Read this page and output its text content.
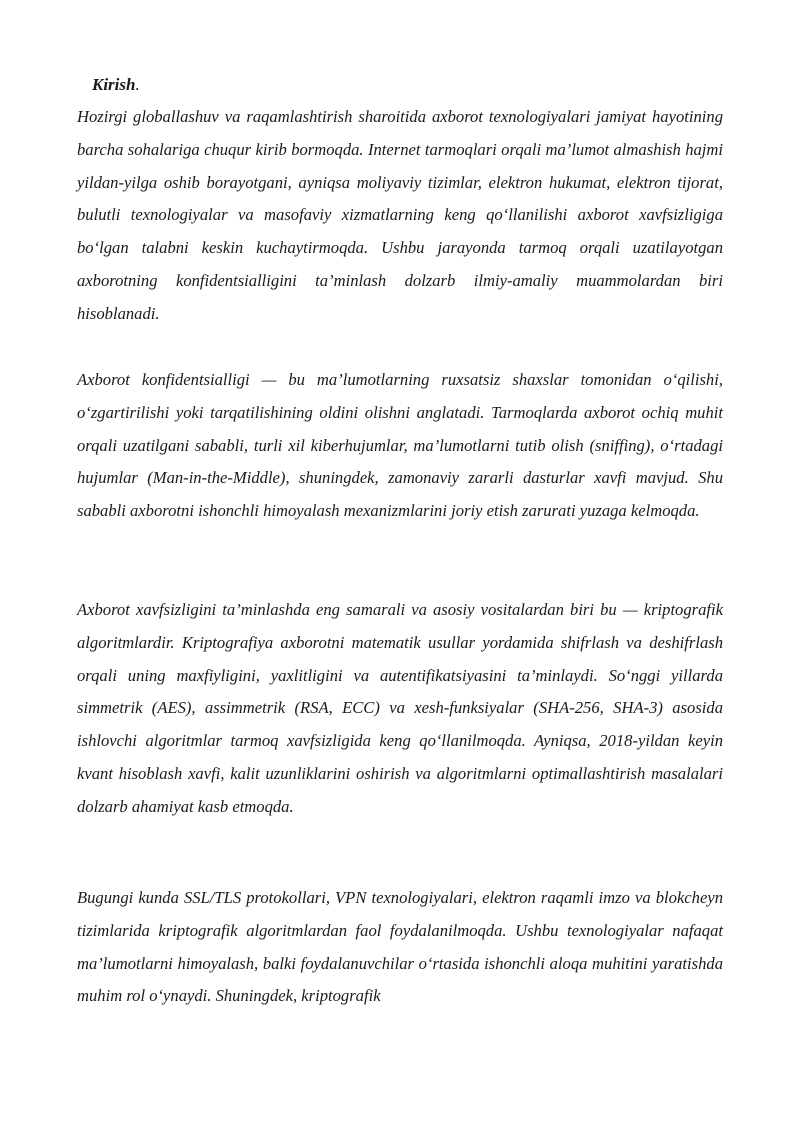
Kirish.

Hozirgi globallashuv va raqamlashtirish sharoitida axborot texnologiyalari jamiyat hayotining barcha sohalariga chuqur kirib bormoqda. Internet tarmoqlari orqali ma’lumot almashish hajmi yildan-yilga oshib borayotgani, ayniqsa moliyaviy tizimlar, elektron hukumat, elektron tijorat, bulutli texnologiyalar va masofaviy xizmatlarning keng qo‘llanilishi axborot xavfsizligiga bo‘lgan talabni keskin kuchaytirmoqda. Ushbu jarayonda tarmoq orqali uzatilayotgan axborotning konfidentsialligini ta’minlash dolzarb ilmiy-amaliy muammolardan biri hisoblanadi.

Axborot konfidentsialligi — bu ma’lumotlarning ruxsatsiz shaxslar tomonidan o‘qilishi, o‘zgartirilishi yoki tarqatilishining oldini olishni anglatadi. Tarmoqlarda axborot ochiq muhit orqali uzatilgani sababli, turli xil kiberhujumlar, ma’lumotlarni tutib olish (sniffing), o‘rtadagi hujumlar (Man-in-the-Middle), shuningdek, zamonaviy zararli dasturlar xavfi mavjud. Shu sababli axborotni ishonchli himoyalash mexanizmlarini joriy etish zarurati yuzaga kelmoqda.

Axborot xavfsizligini ta’minlashda eng samarali va asosiy vositalardan biri bu — kriptografik algoritmlardir. Kriptografiya axborotni matematik usullar yordamida shifrlash va deshifrlash orqali uning maxfiyligini, yaxlitligini va autentifikatsiyasini ta’minlaydi. So‘nggi yillarda simmetrik (AES), assimmetrik (RSA, ECC) va xesh-funksiyalar (SHA-256, SHA-3) asosida ishlovchi algoritmlar tarmoq xavfsizligida keng qo‘llanilmoqda. Ayniqsa, 2018-yildan keyin kvant hisoblash xavfi, kalit uzunliklarini oshirish va algoritmlarni optimallashtirish masalalari dolzarb ahamiyat kasb etmoqda.

Bugungi kunda SSL/TLS protokollari, VPN texnologiyalari, elektron raqamli imzo va blokcheyn tizimlarida kriptografik algoritmlardan faol foydalanilmoqda. Ushbu texnologiyalar nafaqat ma’lumotlarni himoyalash, balki foydalanuvchilar o‘rtasida ishonchli aloqa muhitini yaratishda muhim rol o‘ynaydi. Shuningdek, kriptografik
